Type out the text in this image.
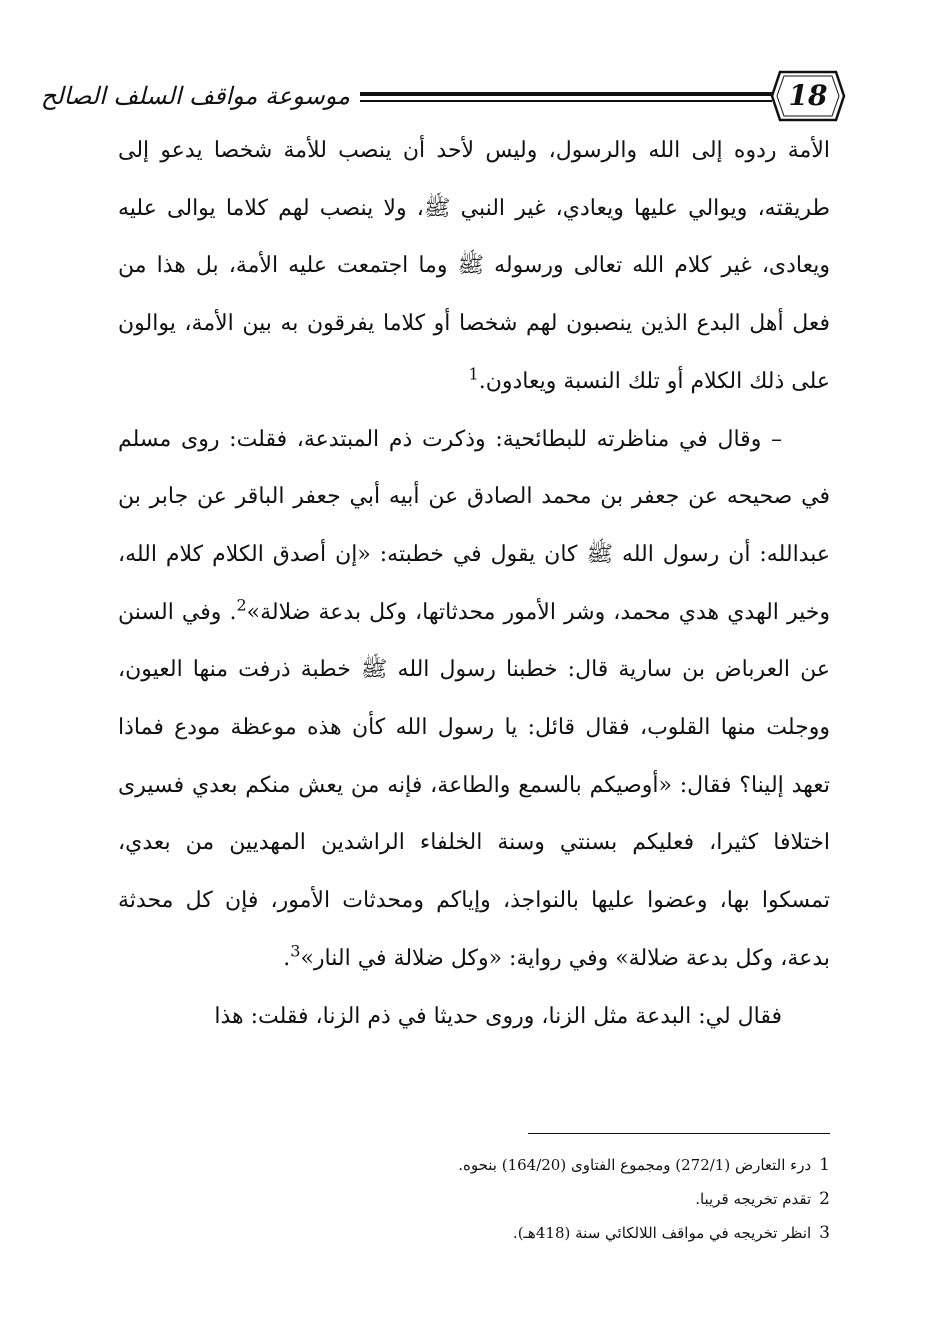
موسوعة مواقف السلف الصالح	18

الأمة ردوه إلى الله والرسول، وليس لأحد أن ينصب للأمة شخصا يدعو إلى طريقته، ويوالي عليها ويعادي، غير النبي ﷺ، ولا ينصب لهم كلاما يوالى عليه ويعادى، غير كلام الله تعالى ورسوله ﷺ وما اجتمعت عليه الأمة، بل هذا من فعل أهل البدع الذين ينصبون لهم شخصا أو كلاما يفرقون به بين الأمة، يوالون على ذلك الكلام أو تلك النسبة ويعادون.$^1$

– وقال في مناظرته للبطائحية: وذكرت ذم المبتدعة، فقلت: روى مسلم في صحيحه عن جعفر بن محمد الصادق عن أبيه أبي جعفر الباقر عن جابر بن عبدالله: أن رسول الله ﷺ كان يقول في خطبته: «إن أصدق الكلام كلام الله، وخير الهدي هدي محمد، وشر الأمور محدثاتها، وكل بدعة ضلالة»$^2$. وفي السنن عن العرباض بن سارية قال: خطبنا رسول الله ﷺ خطبة ذرفت منها العيون، ووجلت منها القلوب، فقال قائل: يا رسول الله كأن هذه موعظة مودع فماذا تعهد إلينا؟ فقال: «أوصيكم بالسمع والطاعة، فإنه من يعش منكم بعدي فسيرى اختلافا كثيرا، فعليكم بسنتي وسنة الخلفاء الراشدين المهديين من بعدي، تمسكوا بها، وعضوا عليها بالنواجذ، وإياكم ومحدثات الأمور، فإن كل محدثة بدعة، وكل بدعة ضلالة» وفي رواية: «وكل ضلالة في النار»$^3$.

فقال لي: البدعة مثل الزنا، وروى حديثا في ذم الزنا، فقلت: هذا

1درء التعارض (272/1) ومجموع الفتاوى (164/20) بنحوه.
2تقدم تخريجه قريبا.
3انظر تخريجه في مواقف اللالكائي سنة (418هـ).
